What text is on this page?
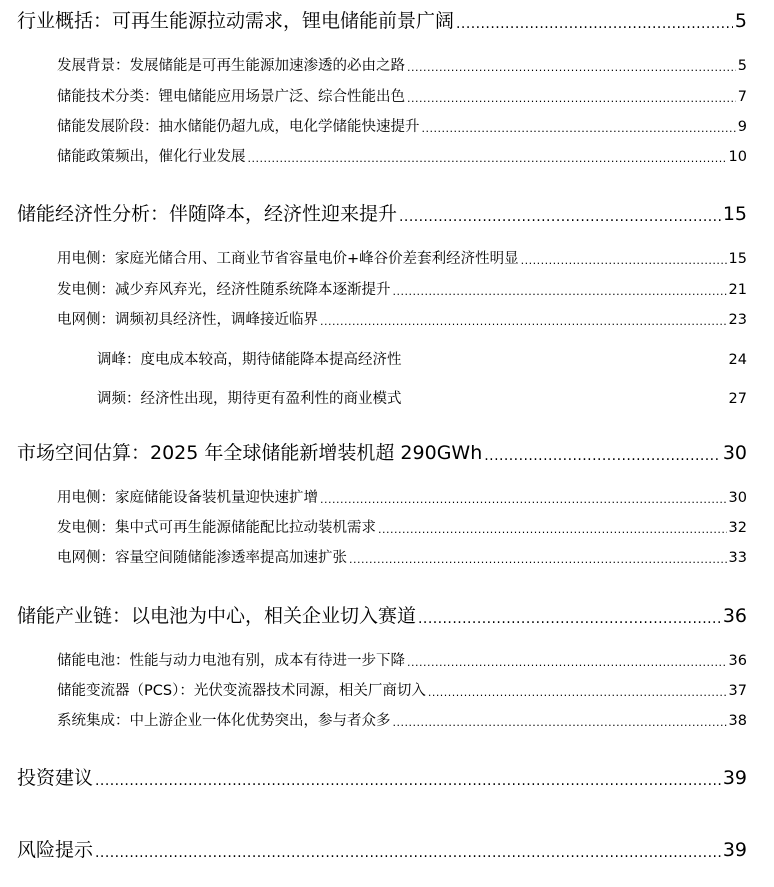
行业概括：可再生能源拉动需求，锂电储能前景广阔 . . .	5
发展背景：发展储能是可再生能源加速渗透的必由之路 . . .	5
储能技术分类：锂电储能应用场景广泛、综合性能出色 . . .	7
储能发展阶段：抽水储能仍超九成，电化学储能快速提升 . . .	9
储能政策频出，催化行业发展 . . .	10
储能经济性分析：伴随降本，经济性迎来提升 . . .	15
用电侧：家庭光储合用、工商业节省容量电价+峰谷价差套利经济性明显 . . .	15
发电侧：减少弃风弃光，经济性随系统降本逐渐提升 . . .	21
电网侧：调频初具经济性，调峰接近临界 . . .	23
调峰：度电成本较高，期待储能降本提高经济性	24
调频：经济性出现，期待更有盈利性的商业模式	27
市场空间估算：2025 年全球储能新增装机超 290GWh . . .	30
用电侧：家庭储能设备装机量迎快速扩增 . . .	30
发电侧：集中式可再生能源储能配比拉动装机需求 . . .	32
电网侧：容量空间随储能渗透率提高加速扩张 . . .	33
储能产业链：以电池为中心，相关企业切入赛道 . . .	36
储能电池：性能与动力电池有别，成本有待进一步下降 . . .	36
储能变流器（PCS）：光伏变流器技术同源，相关厂商切入 . . .	37
系统集成：中上游企业一体化优势突出，参与者众多 . . .	38
投资建议 . . .	39
风险提示 . . .	39
